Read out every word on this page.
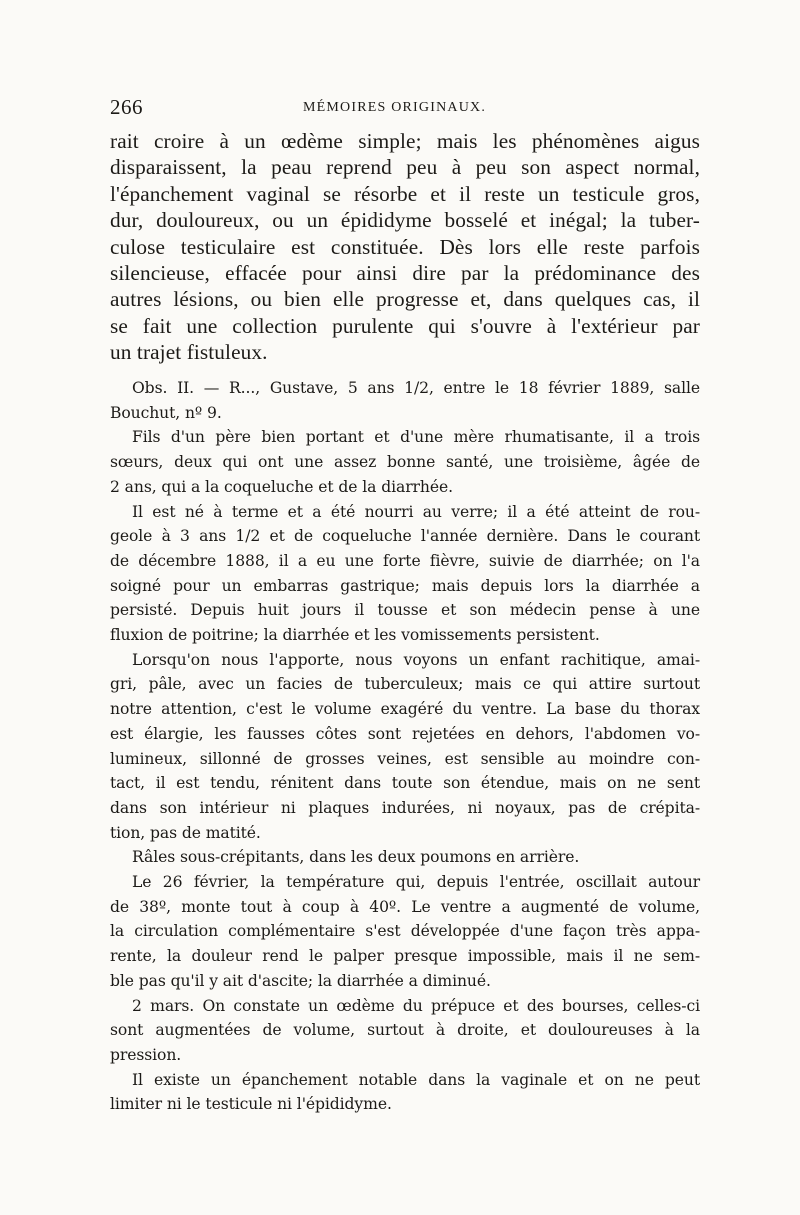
266	MÉMOIRES ORIGINAUX.
rait croire à un œdème simple; mais les phénomènes aigus
disparaissent, la peau reprend peu à peu son aspect normal,
l'épanchement vaginal se résorbe et il reste un testicule gros,
dur, douloureux, ou un épididyme bosselé et inégal; la tuber-
culose testiculaire est constituée. Dès lors elle reste parfois
silencieuse, effacée pour ainsi dire par la prédominance des
autres lésions, ou bien elle progresse et, dans quelques cas, il
se fait une collection purulente qui s'ouvre à l'extérieur par
un trajet fistuleux.
Obs. II. — R..., Gustave, 5 ans 1/2, entre le 18 février 1889, salle
Bouchut, nº 9.
Fils d'un père bien portant et d'une mère rhumatisante, il a trois
sœurs, deux qui ont une assez bonne santé, une troisième, âgée de
2 ans, qui a la coqueluche et de la diarrhée.
Il est né à terme et a été nourri au verre; il a été atteint de rou-
geole à 3 ans 1/2 et de coqueluche l'année dernière. Dans le courant
de décembre 1888, il a eu une forte fièvre, suivie de diarrhée; on l'a
soigné pour un embarras gastrique; mais depuis lors la diarrhée a
persisté. Depuis huit jours il tousse et son médecin pense à une
fluxion de poitrine; la diarrhée et les vomissements persistent.
Lorsqu'on nous l'apporte, nous voyons un enfant rachitique, amai-
gri, pâle, avec un facies de tuberculeux; mais ce qui attire surtout
notre attention, c'est le volume exagéré du ventre. La base du thorax
est élargie, les fausses côtes sont rejetées en dehors, l'abdomen vo-
lumineux, sillonné de grosses veines, est sensible au moindre con-
tact, il est tendu, rénitent dans toute son étendue, mais on ne sent
dans son intérieur ni plaques indurées, ni noyaux, pas de crépita-
tion, pas de matité.
Râles sous-crépitants, dans les deux poumons en arrière.
Le 26 février, la température qui, depuis l'entrée, oscillait autour
de 38º, monte tout à coup à 40º. Le ventre a augmenté de volume,
la circulation complémentaire s'est développée d'une façon très appa-
rente, la douleur rend le palper presque impossible, mais il ne sem-
ble pas qu'il y ait d'ascite; la diarrhée a diminué.
2 mars. On constate un œdème du prépuce et des bourses, celles-ci
sont augmentées de volume, surtout à droite, et douloureuses à la
pression.
Il existe un épanchement notable dans la vaginale et on ne peut
limiter ni le testicule ni l'épididyme.
